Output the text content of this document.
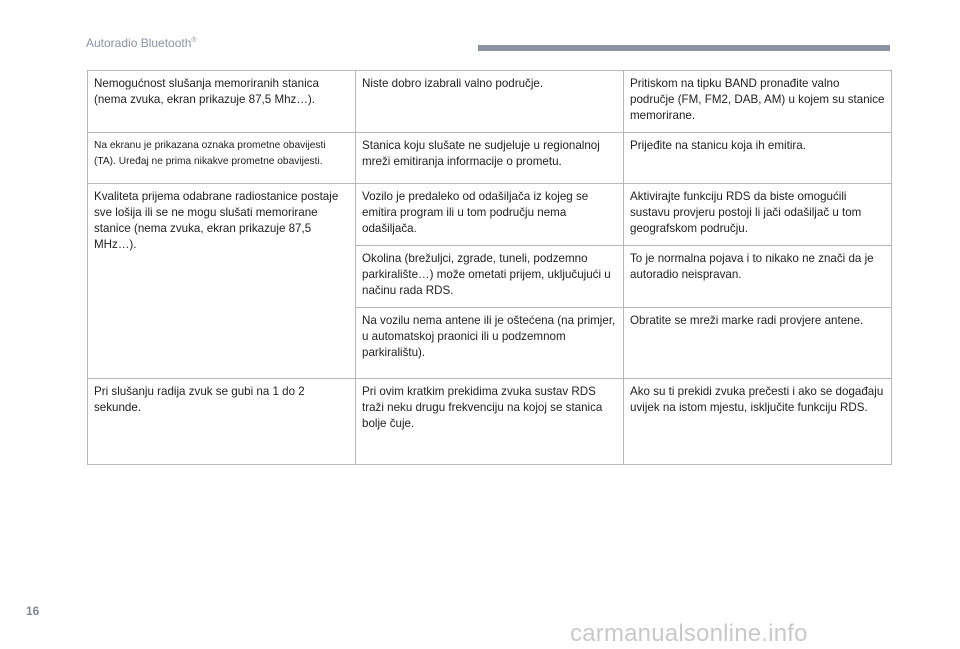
Autoradio Bluetooth®
Nemogućnost slušanja memoriranih stanica (nema zvuka, ekran prikazuje 87,5 Mhz…).	Niste dobro izabrali valno područje.	Pritiskom na tipku BAND pronađite valno područje (FM, FM2, DAB, AM) u kojem su stanice memorirane.
Na ekranu je prikazana oznaka prometne obavijesti (TA). Uređaj ne prima nikakve prometne obavijesti.	Stanica koju slušate ne sudjeluje u regionalnoj mreži emitiranja informacije o prometu.	Prijeđite na stanicu koja ih emitira.
Kvaliteta prijema odabrane radiostanice postaje sve lošija ili se ne mogu slušati memorirane stanice (nema zvuka, ekran prikazuje 87,5 MHz…).	Vozilo je predaleko od odašiljača iz kojeg se emitira program ili u tom području nema odašiljača.	Aktivirajte funkciju RDS da biste omogućili sustavu provjeru postoji li jači odašiljač u tom geografskom području.
	Okolina (brežuljci, zgrade, tuneli, podzemno parkiralište…) može ometati prijem, uključujući u načinu rada RDS.	To je normalna pojava i to nikako ne znači da je autoradio neispravan.
	Na vozilu nema antene ili je oštećena (na primjer, u automatskoj praonici ili u podzemnom parkiralištu).	Obratite se mreži marke radi provjere antene.
Pri slušanju radija zvuk se gubi na 1 do 2 sekunde.	Pri ovim kratkim prekidima zvuka sustav RDS traži neku drugu frekvenciju na kojoj se stanica bolje čuje.	Ako su ti prekidi zvuka prečesti i ako se događaju uvijek na istom mjestu, isključite funkciju RDS.
16
carmanualsonline.info
